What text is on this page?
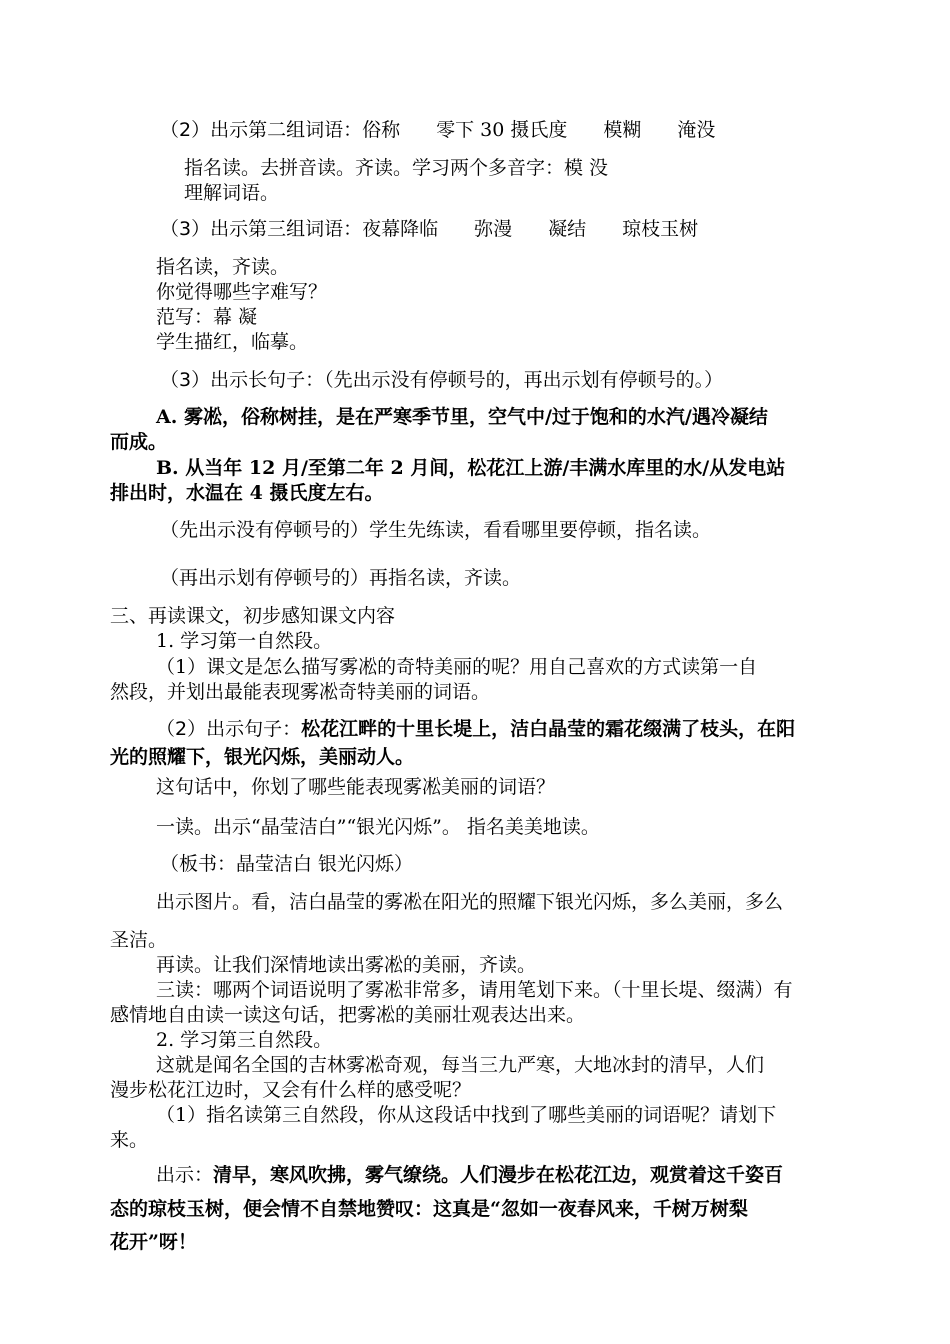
（2）出示第二组词语：俗称 零下 30 摄氏度 模糊 淹没
指名读。去拼音读。齐读。学习两个多音字：模 没
理解词语。
（3）出示第三组词语：夜幕降临 弥漫 凝结 琼枝玉树
指名读，齐读。
你觉得哪些字难写？
范写：幕 凝
学生描红，临摹。
（3）出示长句子：（先出示没有停顿号的，再出示划有停顿号的。）
A. 雾凇，俗称树挂，是在严寒季节里，空气中/过于饱和的水汽/遇冷凝结
而成。
B. 从当年 12 月/至第二年 2 月间，松花江上游/丰满水库里的水/从发电站
排出时，水温在 4 摄氏度左右。
（先出示没有停顿号的）学生先练读，看看哪里要停顿，指名读。
（再出示划有停顿号的）再指名读，齐读。
三、再读课文，初步感知课文内容
1. 学习第一自然段。
（1）课文是怎么描写雾凇的奇特美丽的呢？用自己喜欢的方式读第一自
然段，并划出最能表现雾凇奇特美丽的词语。
（2）出示句子：松花江畔的十里长堤上，洁白晶莹的霜花缀满了枝头，在阳
光的照耀下，银光闪烁，美丽动人。
这句话中，你划了哪些能表现雾凇美丽的词语？
一读。出示“晶莹洁白”“银光闪烁”。 指名美美地读。
（板书：晶莹洁白 银光闪烁）
出示图片。看，洁白晶莹的雾凇在阳光的照耀下银光闪烁，多么美丽，多么
圣洁。
再读。让我们深情地读出雾凇的美丽，齐读。
三读：哪两个词语说明了雾凇非常多，请用笔划下来。（十里长堤、缀满）有
感情地自由读一读这句话，把雾凇的美丽壮观表达出来。
2. 学习第三自然段。
这就是闻名全国的吉林雾凇奇观，每当三九严寒，大地冰封的清早，人们
漫步松花江边时，又会有什么样的感受呢？
（1）指名读第三自然段，你从这段话中找到了哪些美丽的词语呢？请划下
来。
出示：清早，寒风吹拂，雾气缭绕。人们漫步在松花江边，观赏着这千姿百
态的琼枝玉树，便会情不自禁地赞叹：这真是“忽如一夜春风来，千树万树梨
花开”呀！
